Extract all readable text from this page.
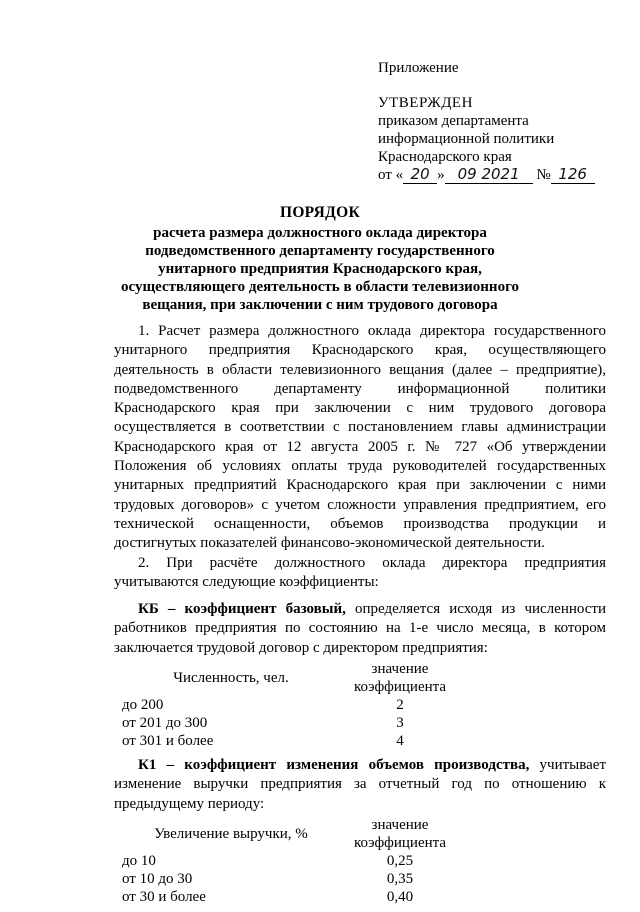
Приложение
УТВЕРЖДЕН
приказом департамента
информационной политики
Краснодарского края
от « 20 » 09 2021 № 126
ПОРЯДОК
расчета размера должностного оклада директора
подведомственного департаменту государственного
унитарного предприятия Краснодарского края,
осуществляющего деятельность в области телевизионного
вещания, при заключении с ним трудового договора

1. Расчет размера должностного оклада директора государственного унитарного предприятия Краснодарского края, осуществляющего деятельность в области телевизионного вещания (далее – предприятие), подведомственного департаменту информационной политики Краснодарского края при заключении с ним трудового договора осуществляется в соответствии с постановлением главы администрации Краснодарского края от 12 августа 2005 г. № 727 «Об утверждении Положения об условиях оплаты труда руководителей государственных унитарных предприятий Краснодарского края при заключении с ними трудовых договоров» с учетом сложности управления предприятием, его технической оснащенности, объемов производства продукции и достигнутых показателей финансово-экономической деятельности.

2. При расчёте должностного оклада директора предприятия учитываются следующие коэффициенты:

КБ – коэффициент базовый, определяется исходя из численности работников предприятия по состоянию на 1-е число месяца, в котором заключается трудовой договор с директором предприятия:

Численность, чел.	значение коэффициента
до 200	2
от 201 до 300	3
от 301 и более	4

К1 – коэффициент изменения объемов производства, учитывает изменение выручки предприятия за отчетный год по отношению к предыдущему периоду:

Увеличение выручки, %	значение коэффициента
до 10	0,25
от 10 до 30	0,35
от 30 и более	0,40
